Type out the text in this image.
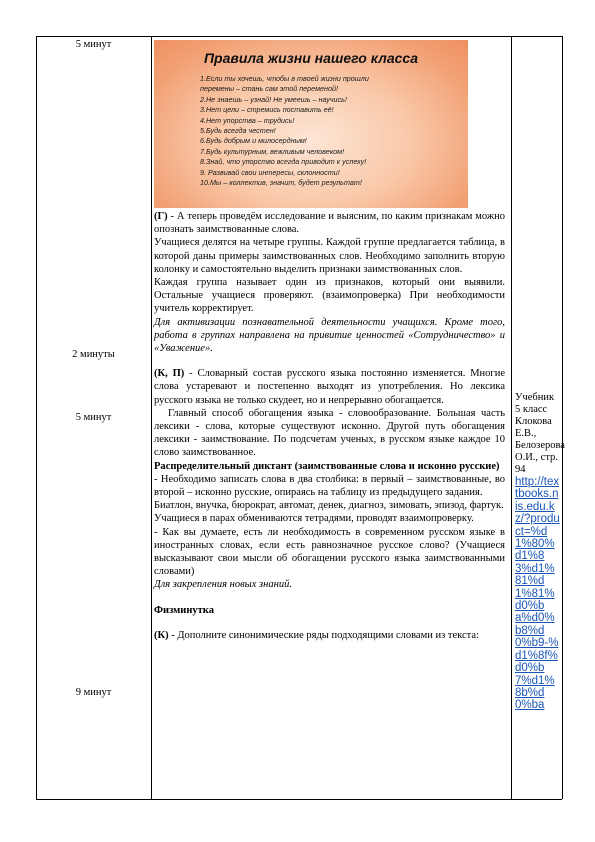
5 минут
2 минуты
5 минут
9 минут
Правила жизни нашего класса
1.Если ты хочешь, чтобы в твоей жизни прошли
перемены – стань сам этой переменой!
2.Не знаешь – узнай! Не умеешь – научись!
3.Нет цели – стремись поставить её!
4.Нет упорства – трудись!
5.Будь всегда честен!
6.Будь добрым и милосердным!
7.Будь культурным, вежливым человеком!
8.Знай, что упорство всегда приводит к успеху!
9. Развивай свои интересы, склонности!
10.Мы – коллектив, значит, будет результат!

(Г) - А теперь проведём исследование и выясним, по каким признакам можно опознать заимствованные слова.

Учащиеся делятся на четыре группы. Каждой группе предлагается таблица, в которой даны примеры заимствованных слов. Необходимо заполнить вторую колонку и самостоятельно выделить признаки заимствованных слов.

Каждая группа называет один из признаков, который они выявили. Остальные учащиеся проверяют. (взаимопроверка) При необходимости учитель корректирует.

Для активизации познавательной деятельности учащихся. Кроме того, работа в группах направлена на привитие ценностей «Сотрудничество» и «Уважение».

(К, П) - Словарный состав русского языка постоянно изменяется. Многие слова устаревают и постепенно выходят из употребления. Но лексика русского языка не только скудеет, но и непрерывно обогащается.

Главный способ обогащения языка - словообразование. Большая часть лексики - слова, которые существуют исконно. Другой путь обогащения лексики - заимствование. По подсчетам ученых, в русском языке каждое 10 слово заимствованное.

Распределительный диктант (заимствованные слова и исконно русские)

- Необходимо записать слова в два столбика: в первый – заимствованные, во второй – исконно русские, опираясь на таблицу из предыдущего задания.

Биатлон, внучка, бюрократ, автомат, денек, диагноз, зимовать, эпизод, фартук.

Учащиеся в парах обмениваются тетрадями, проводят взаимопроверку.

- Как вы думаете, есть ли необходимость в современном русском языке в иностранных словах, если есть равнозначное русское слово? (Учащиеся высказывают свои мысли об обогащении русского языка заимствованными словами)

Для закрепления новых знаний.

Физминутка

(К) - Дополните синонимические ряды подходящими словами из текста:

Учебник 5 класс Клокова Е.В., Белозерова О.И., стр. 94
http://textbooks.nis.edu.kz/?product=%d1%80%d1%83%d1%81%d1%81%d0%ba%d0%b8%d0%b9-%d1%8f%d0%b7%d1%8b%d0%ba
